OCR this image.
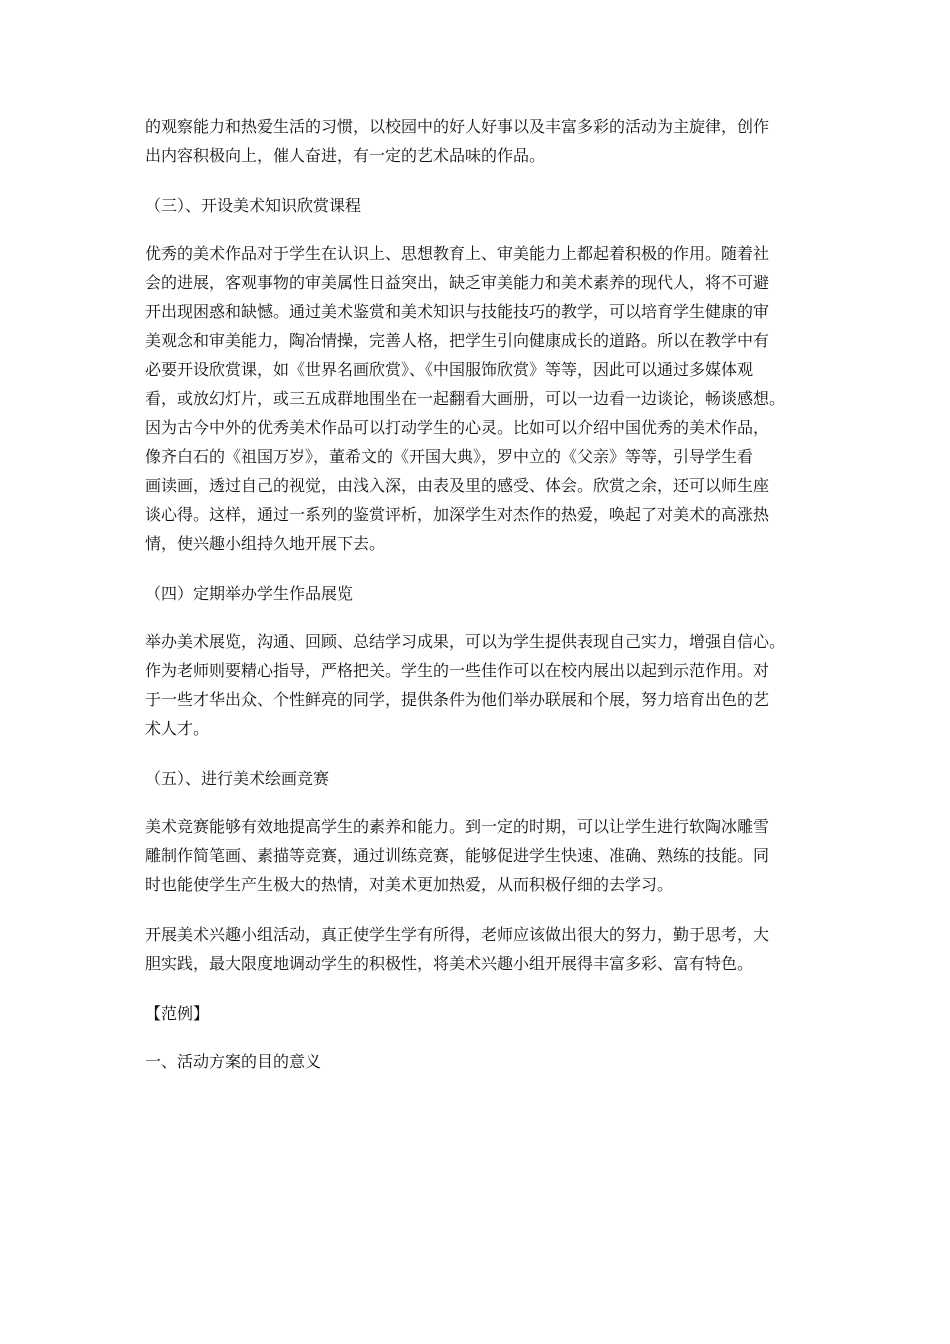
的观察能力和热爱生活的习惯，以校园中的好人好事以及丰富多彩的活动为主旋律，创作
出内容积极向上，催人奋进，有一定的艺术品味的作品。
（三）、开设美术知识欣赏课程
优秀的美术作品对于学生在认识上、思想教育上、审美能力上都起着积极的作用。随着社
会的进展，客观事物的审美属性日益突出，缺乏审美能力和美术素养的现代人，将不可避
开出现困惑和缺憾。通过美术鉴赏和美术知识与技能技巧的教学，可以培育学生健康的审
美观念和审美能力，陶冶情操，完善人格，把学生引向健康成长的道路。所以在教学中有
必要开设欣赏课，如《世界名画欣赏》、《中国服饰欣赏》等等，因此可以通过多媒体观
看，或放幻灯片，或三五成群地围坐在一起翻看大画册，可以一边看一边谈论，畅谈感想。
因为古今中外的优秀美术作品可以打动学生的心灵。比如可以介绍中国优秀的美术作品，
像齐白石的《祖国万岁》，董希文的《开国大典》，罗中立的《父亲》等等，引导学生看
画读画，透过自己的视觉，由浅入深，由表及里的感受、体会。欣赏之余，还可以师生座
谈心得。这样，通过一系列的鉴赏评析，加深学生对杰作的热爱，唤起了对美术的高涨热
情，使兴趣小组持久地开展下去。
（四）定期举办学生作品展览
举办美术展览，沟通、回顾、总结学习成果，可以为学生提供表现自己实力，增强自信心。
作为老师则要精心指导，严格把关。学生的一些佳作可以在校内展出以起到示范作用。对
于一些才华出众、个性鲜亮的同学，提供条件为他们举办联展和个展，努力培育出色的艺
术人才。
（五）、进行美术绘画竞赛
美术竞赛能够有效地提高学生的素养和能力。到一定的时期，可以让学生进行软陶冰雕雪
雕制作简笔画、素描等竞赛，通过训练竞赛，能够促进学生快速、准确、熟练的技能。同
时也能使学生产生极大的热情，对美术更加热爱，从而积极仔细的去学习。
开展美术兴趣小组活动，真正使学生学有所得，老师应该做出很大的努力，勤于思考，大
胆实践，最大限度地调动学生的积极性，将美术兴趣小组开展得丰富多彩、富有特色。
【范例】
一、活动方案的目的意义
